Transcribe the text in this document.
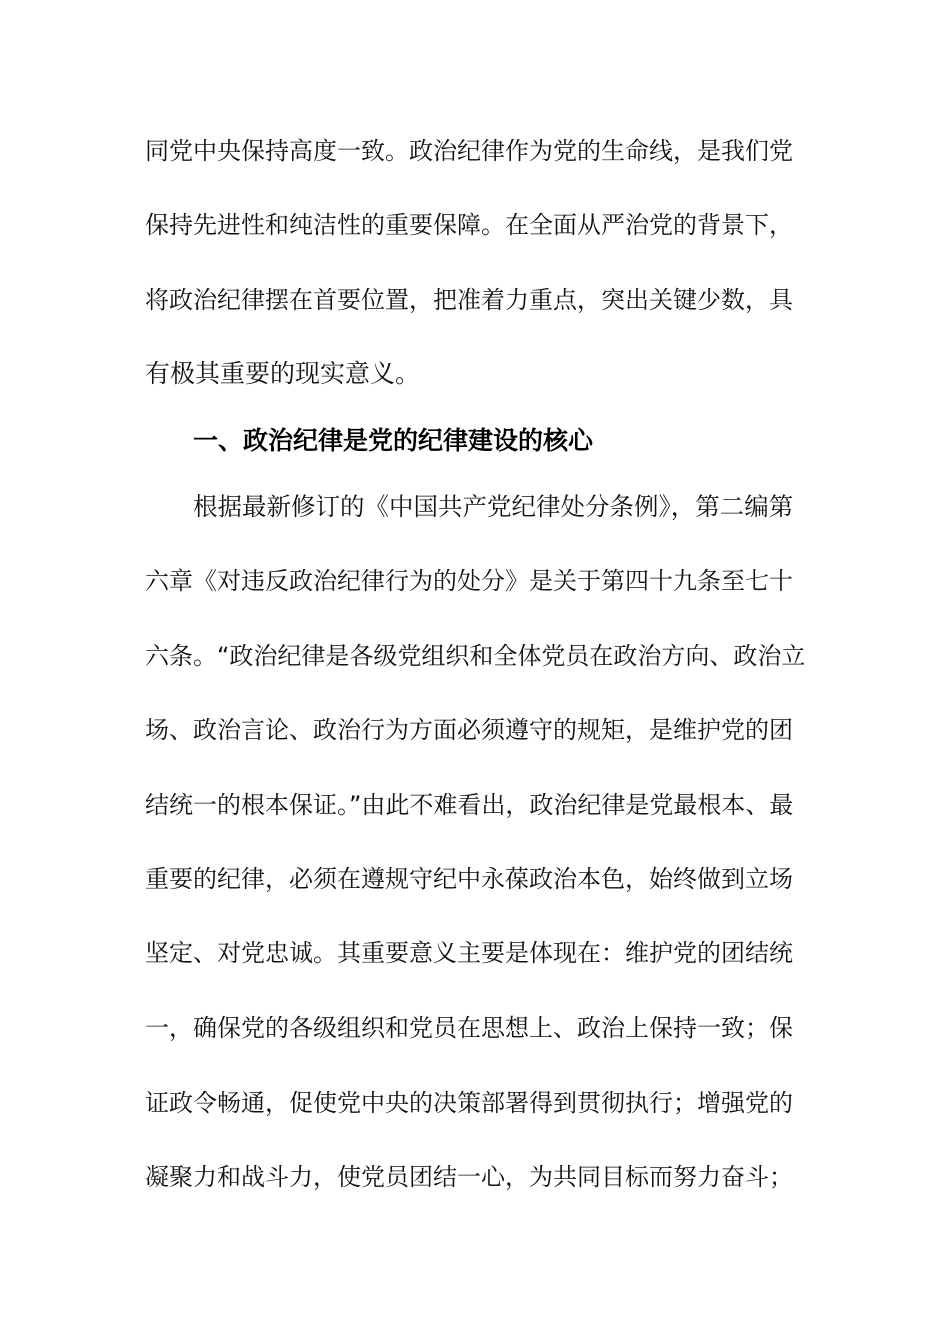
同党中央保持高度一致。政治纪律作为党的生命线，是我们党
保持先进性和纯洁性的重要保障。在全面从严治党的背景下，
将政治纪律摆在首要位置，把准着力重点，突出关键少数，具
有极其重要的现实意义。
一、政治纪律是党的纪律建设的核心
根据最新修订的《中国共产党纪律处分条例》，第二编第
六章《对违反政治纪律行为的处分》是关于第四十九条至七十
六条。“政治纪律是各级党组织和全体党员在政治方向、政治立
场、政治言论、政治行为方面必须遵守的规矩，是维护党的团
结统一的根本保证。”由此不难看出，政治纪律是党最根本、最
重要的纪律，必须在遵规守纪中永葆政治本色，始终做到立场
坚定、对党忠诚。其重要意义主要是体现在：维护党的团结统
一，确保党的各级组织和党员在思想上、政治上保持一致；保
证政令畅通，促使党中央的决策部署得到贯彻执行；增强党的
凝聚力和战斗力，使党员团结一心，为共同目标而努力奋斗；
